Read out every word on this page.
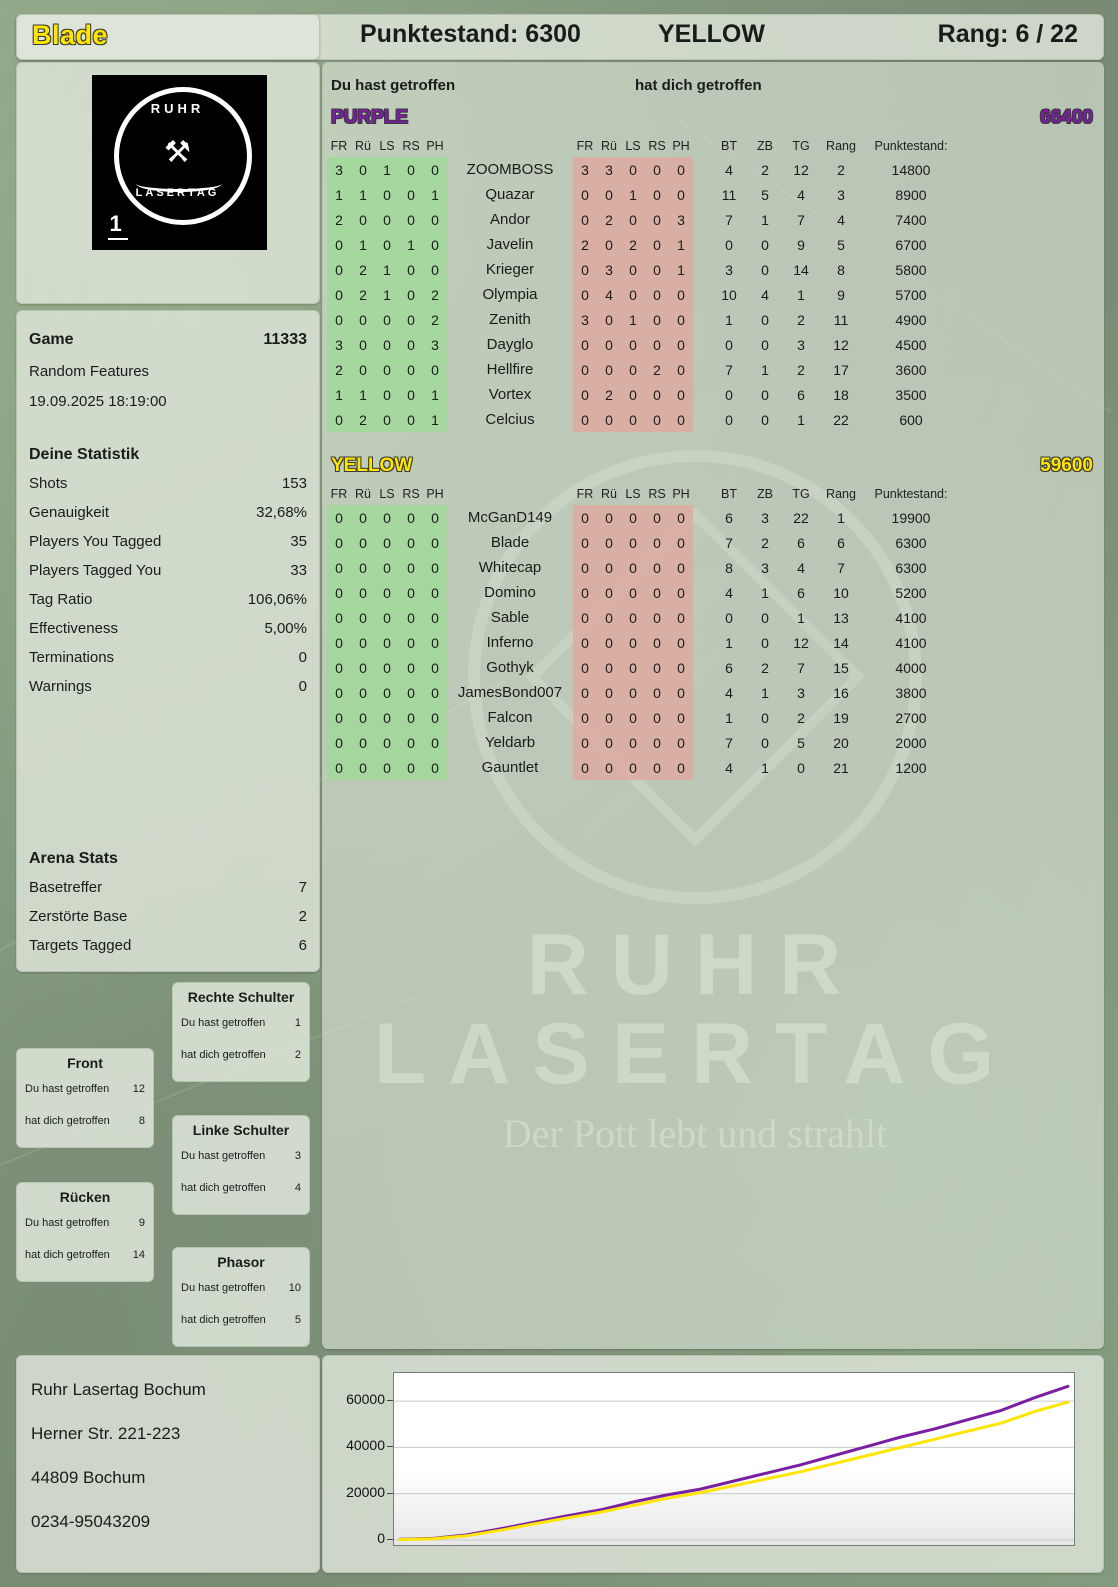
Blade	Punktestand: 6300	YELLOW	Rang: 6 / 22
RUHR
⚒
LASERTAG
1
Game	11333
Random Features
19.09.2025 18:19:00
Deine Statistik
Shots	153
Genauigkeit	32,68%
Players You Tagged	35
Players Tagged You	33
Tag Ratio	106,06%
Effectiveness	5,00%
Terminations	0
Warnings	0
Arena Stats
Basetreffer	7
Zerstörte Base	2
Targets Tagged	6
Rechte Schulter
Du hast getroffen	1
hat dich getroffen	2
Front
Du hast getroffen 12
hat dich getroffen	8
Linke Schulter
Du hast getroffen	3
hat dich getroffen	4
Rücken
Du hast getroffen	9
hat dich getroffen 14	Phasor
Du hast getroffen 10
hat dich getroffen	5
Ruhr Lasertag Bochum
Herner Str. 221-223
44809 Bochum
0234-95043209
Du hast getroffen	hat dich getroffen
PURPLE	66400
FR	Rü	LS	RS	PH		FR	Rü	LS	RS	PH		BT	ZB	TG	Rang	Punktestand:
3	0	1	0	0	ZOOMBOSS	3	3	0	0	0		4	2	12	2	14800
1	1	0	0	1	Quazar	0	0	1	0	0		11	5	4	3	8900
2	0	0	0	0	Andor	0	2	0	0	3		7	1	7	4	7400
0	1	0	1	0	Javelin	2	0	2	0	1		0	0	9	5	6700
0	2	1	0	0	Krieger	0	3	0	0	1		3	0	14	8	5800
0	2	1	0	2	Olympia	0	4	0	0	0		10	4	1	9	5700
0	0	0	0	2	Zenith	3	0	1	0	0		1	0	2	11	4900
3	0	0	0	3	Dayglo	0	0	0	0	0		0	0	3	12	4500
2	0	0	0	0	Hellfire	0	0	0	2	0		7	1	2	17	3600
1	1	0	0	1	Vortex	0	2	0	0	0		0	0	6	18	3500
0	2	0	0	1	Celcius	0	0	0	0	0		0	0	1	22	600
YELLOW	59600
FR	Rü	LS	RS	PH		FR	Rü	LS	RS	PH		BT	ZB	TG	Rang	Punktestand:
0	0	0	0	0	McGanD149	0	0	0	0	0		6	3	22	1	19900
0	0	0	0	0	Blade	0	0	0	0	0		7	2	6	6	6300
0	0	0	0	0	Whitecap	0	0	0	0	0		8	3	4	7	6300
0	0	0	0	0	Domino	0	0	0	0	0		4	1	6	10	5200
0	0	0	0	0	Sable	0	0	0	0	0		0	0	1	13	4100
0	0	0	0	0	Inferno	0	0	0	0	0		1	0	12	14	4100
0	0	0	0	0	Gothyk	0	0	0	0	0		6	2	7	15	4000
0	0	0	0	0	JamesBond007	0	0	0	0	0		4	1	3	16	3800
0	0	0	0	0	Falcon	0	0	0	0	0		1	0	2	19	2700
0	0	0	0	0	Yeldarb	0	0	0	0	0		7	0	5	20	2000
0	0	0	0	0	Gauntlet	0	0	0	0	0		4	1	0	21	1200
0
20000
40000
60000
